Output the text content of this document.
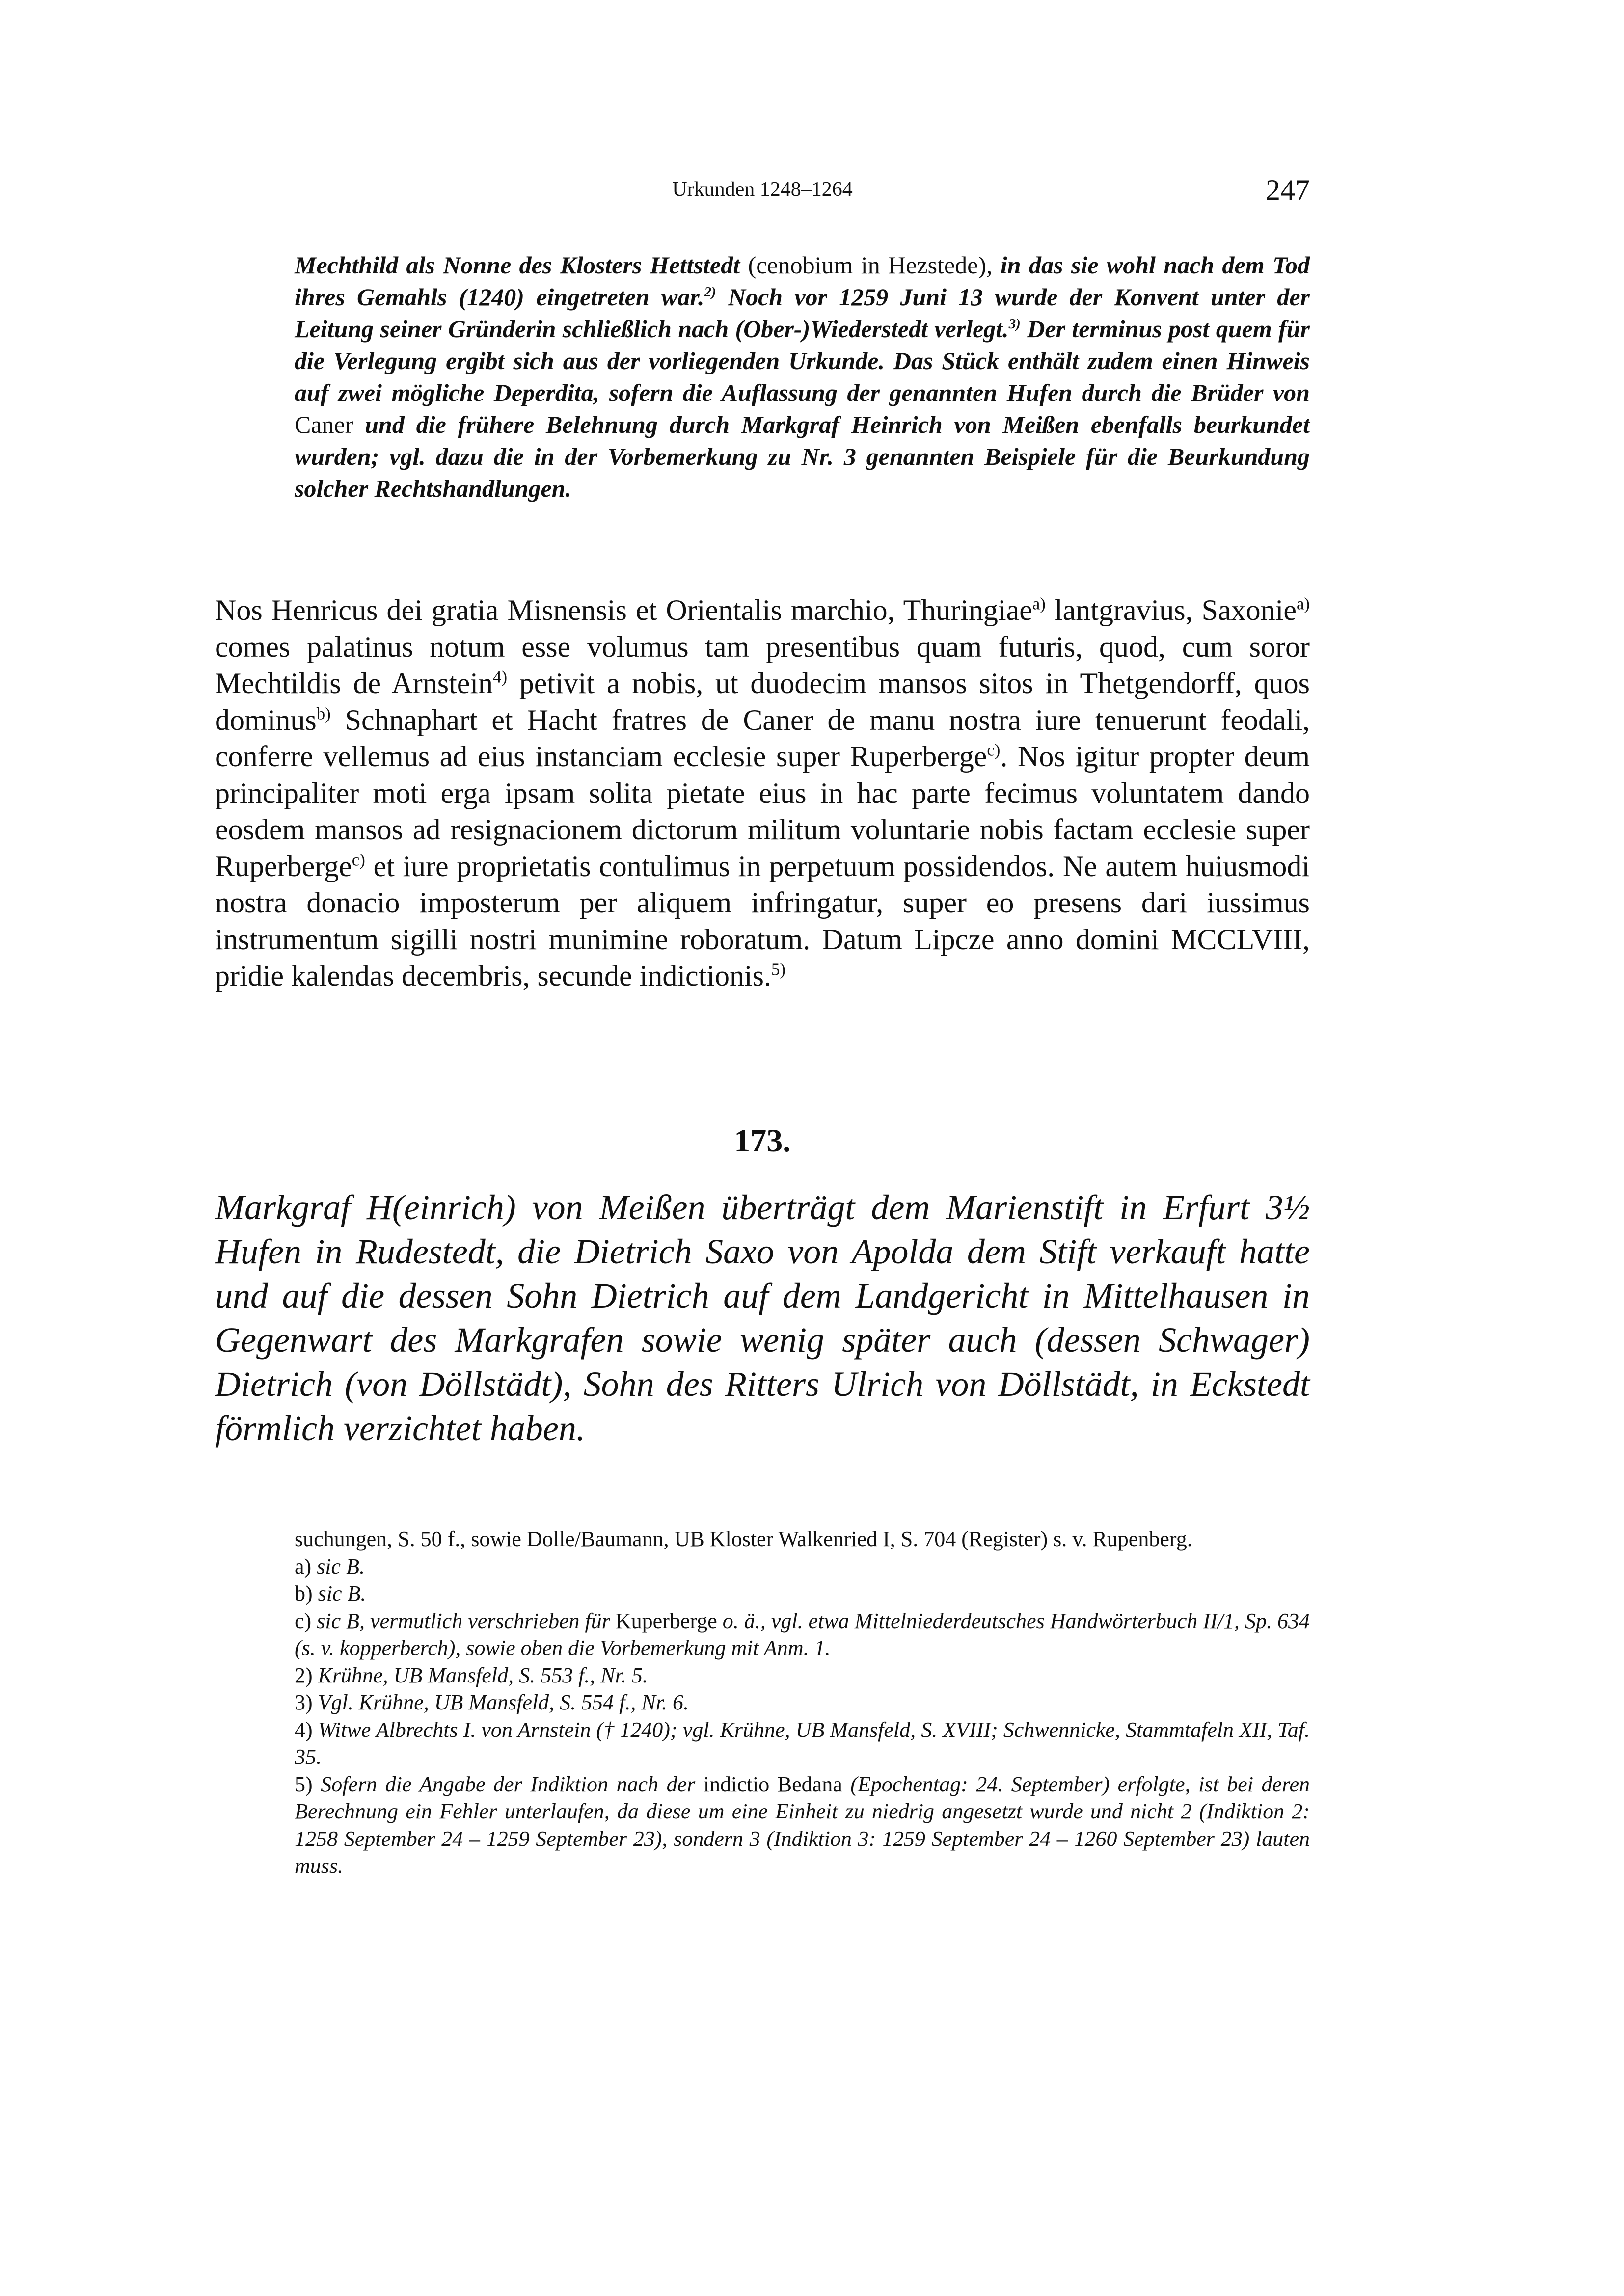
Urkunden 1248–1264	247

Mechthild als Nonne des Klosters Hettstedt (cenobium in Hezstede), in das sie wohl nach dem Tod ihres Gemahls (1240) eingetreten war.$^{2)}$ Noch vor 1259 Juni 13 wurde der Konvent unter der Leitung seiner Gründerin schließlich nach (Ober-)Wiederstedt verlegt.$^{3)}$ Der terminus post quem für die Verlegung ergibt sich aus der vorliegenden Urkunde. Das Stück enthält zudem einen Hinweis auf zwei mögliche Deperdita, sofern die Auflassung der genannten Hufen durch die Brüder von Caner und die frühere Belehnung durch Markgraf Heinrich von Meißen ebenfalls beurkundet wurden; vgl. dazu die in der Vorbemerkung zu Nr. 3 genannten Beispiele für die Beurkundung solcher Rechtshandlungen.

Nos Henricus dei gratia Misnensis et Orientalis marchio, Thuringiae$^{a)}$ lantgravius, Saxonie$^{a)}$ comes palatinus notum esse volumus tam presentibus quam futuris, quod, cum soror Mechtildis de Arnstein$^{4)}$ petivit a nobis, ut duodecim mansos sitos in Thetgendorff, quos dominus$^{b)}$ Schnaphart et Hacht fratres de Caner de manu nostra iure tenuerunt feodali, conferre vellemus ad eius instanciam ecclesie super Ruperberge$^{c)}$. Nos igitur propter deum principaliter moti erga ipsam solita pietate eius in hac parte fecimus voluntatem dando eosdem mansos ad resignacionem dictorum militum voluntarie nobis factam ecclesie super Ruperberge$^{c)}$ et iure proprietatis contulimus in perpetuum possidendos. Ne autem huiusmodi nostra donacio imposterum per aliquem infringatur, super eo presens dari iussimus instrumentum sigilli nostri munimine roboratum. Datum Lipcze anno domini MCCLVIII, pridie kalendas decembris, secunde indictionis.$^{5)}$

173.

Markgraf H(einrich) von Meißen überträgt dem Marienstift in Erfurt 3½ Hufen in Rudestedt, die Dietrich Saxo von Apolda dem Stift verkauft hatte und auf die dessen Sohn Dietrich auf dem Landgericht in Mittelhausen in Gegenwart des Markgrafen sowie wenig später auch (dessen Schwager) Dietrich (von Döllstädt), Sohn des Ritters Ulrich von Döllstädt, in Eckstedt förmlich verzichtet haben.

suchungen, S. 50 f., sowie Dolle/Baumann, UB Kloster Walkenried I, S. 704 (Register) s. v. Rupenberg.

a) sic B.

b) sic B.

c) sic B, vermutlich verschrieben für Kuperberge o. ä., vgl. etwa Mittelniederdeutsches Handwörterbuch II/1, Sp. 634 (s. v. kopperberch), sowie oben die Vorbemerkung mit Anm. 1.

2) Krühne, UB Mansfeld, S. 553 f., Nr. 5.

3) Vgl. Krühne, UB Mansfeld, S. 554 f., Nr. 6.

4) Witwe Albrechts I. von Arnstein († 1240); vgl. Krühne, UB Mansfeld, S. XVIII; Schwennicke, Stammtafeln XII, Taf. 35.

5) Sofern die Angabe der Indiktion nach der indictio Bedana (Epochentag: 24. September) erfolgte, ist bei deren Berechnung ein Fehler unterlaufen, da diese um eine Einheit zu niedrig angesetzt wurde und nicht 2 (Indiktion 2: 1258 September 24 – 1259 September 23), sondern 3 (Indiktion 3: 1259 September 24 – 1260 September 23) lauten muss.
